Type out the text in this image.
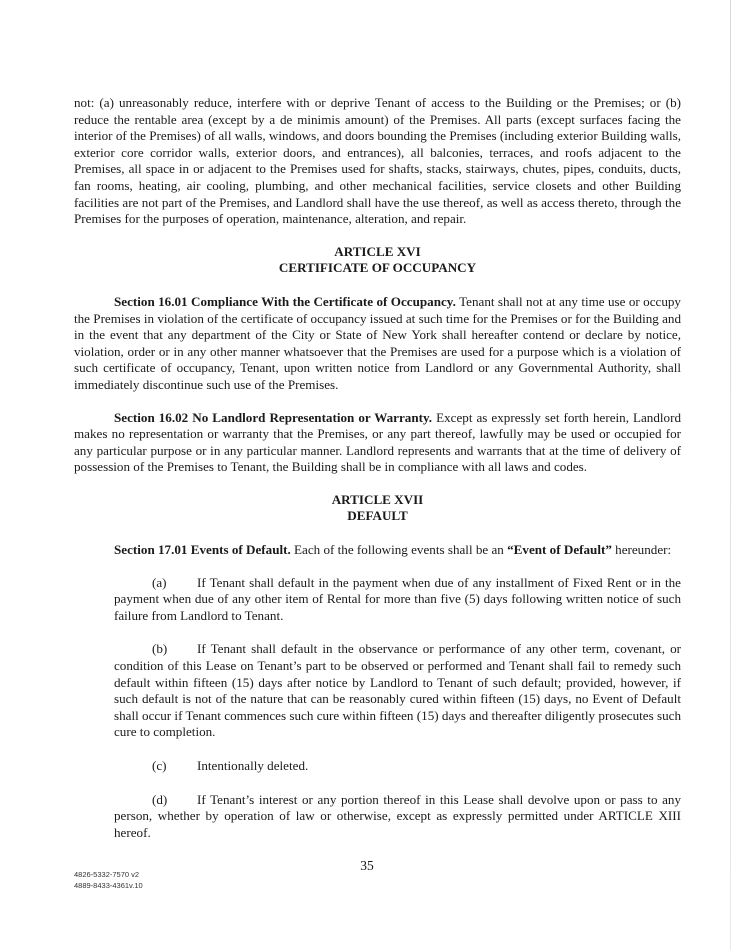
not: (a) unreasonably reduce, interfere with or deprive Tenant of access to the Building or the Premises; or (b) reduce the rentable area (except by a de minimis amount) of the Premises. All parts (except surfaces facing the interior of the Premises) of all walls, windows, and doors bounding the Premises (including exterior Building walls, exterior core corridor walls, exterior doors, and entrances), all balconies, terraces, and roofs adjacent to the Premises, all space in or adjacent to the Premises used for shafts, stacks, stairways, chutes, pipes, conduits, ducts, fan rooms, heating, air cooling, plumbing, and other mechanical facilities, service closets and other Building facilities are not part of the Premises, and Landlord shall have the use thereof, as well as access thereto, through the Premises for the purposes of operation, maintenance, alteration, and repair.

ARTICLE XVI
CERTIFICATE OF OCCUPANCY

Section 16.01 Compliance With the Certificate of Occupancy. Tenant shall not at any time use or occupy the Premises in violation of the certificate of occupancy issued at such time for the Premises or for the Building and in the event that any department of the City or State of New York shall hereafter contend or declare by notice, violation, order or in any other manner whatsoever that the Premises are used for a purpose which is a violation of such certificate of occupancy, Tenant, upon written notice from Landlord or any Governmental Authority, shall immediately discontinue such use of the Premises.

Section 16.02 No Landlord Representation or Warranty. Except as expressly set forth herein, Landlord makes no representation or warranty that the Premises, or any part thereof, lawfully may be used or occupied for any particular purpose or in any particular manner. Landlord represents and warrants that at the time of delivery of possession of the Premises to Tenant, the Building shall be in compliance with all laws and codes.

ARTICLE XVII
DEFAULT

Section 17.01 Events of Default. Each of the following events shall be an “Event of Default” hereunder:

(a) If Tenant shall default in the payment when due of any installment of Fixed Rent or in the payment when due of any other item of Rental for more than five (5) days following written notice of such failure from Landlord to Tenant.

(b) If Tenant shall default in the observance or performance of any other term, covenant, or condition of this Lease on Tenant’s part to be observed or performed and Tenant shall fail to remedy such default within fifteen (15) days after notice by Landlord to Tenant of such default; provided, however, if such default is not of the nature that can be reasonably cured within fifteen (15) days, no Event of Default shall occur if Tenant commences such cure within fifteen (15) days and thereafter diligently prosecutes such cure to completion.

(c) Intentionally deleted.

(d) If Tenant’s interest or any portion thereof in this Lease shall devolve upon or pass to any person, whether by operation of law or otherwise, except as expressly permitted under ARTICLE XIII hereof.

35
4826-5332-7570 v2
4889-8433-4361v.10
